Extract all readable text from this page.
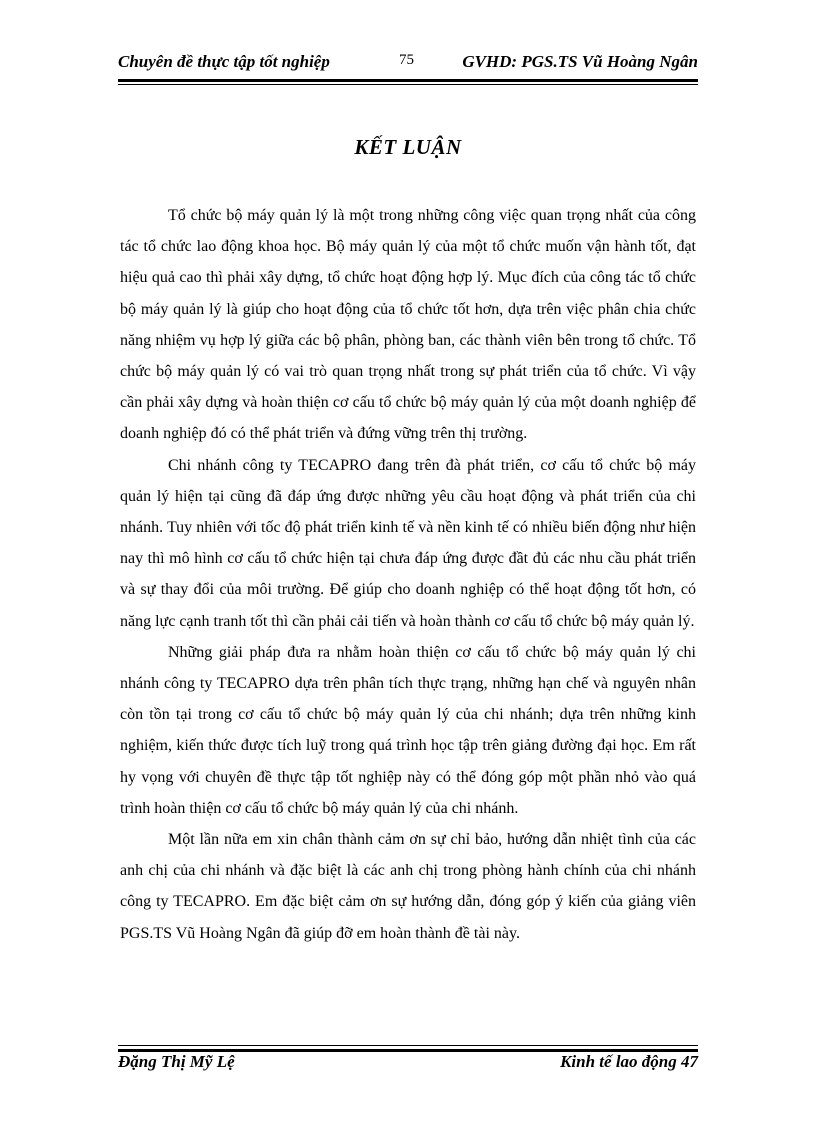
Chuyên đề thực tập tốt nghiệp	75	GVHD: PGS.TS Vũ Hoàng Ngân
KẾT LUẬN

Tổ chức bộ máy quản lý là một trong những công việc quan trọng nhất của công tác tổ chức lao động khoa học. Bộ máy quản lý của một tổ chức muốn vận hành tốt, đạt hiệu quả cao thì phải xây dựng, tổ chức hoạt động hợp lý. Mục đích của công tác tổ chức bộ máy quản lý là giúp cho hoạt động của tổ chức tốt hơn, dựa trên việc phân chia chức năng nhiệm vụ hợp lý giữa các bộ phân, phòng ban, các thành viên bên trong tổ chức. Tổ chức bộ máy quản lý có vai trò quan trọng nhất trong sự phát triển của tổ chức. Vì vậy cần phải xây dựng và hoàn thiện cơ cấu tổ chức bộ máy quản lý của một doanh nghiệp để doanh nghiệp đó có thể phát triển và đứng vững trên thị trường.

Chi nhánh công ty TECAPRO đang trên đà phát triển, cơ cấu tổ chức bộ máy quản lý hiện tại cũng đã đáp ứng được những yêu cầu hoạt động và phát triển của chi nhánh. Tuy nhiên với tốc độ phát triển kinh tế và nền kinh tế có nhiều biến động như hiện nay thì mô hình cơ cấu tổ chức hiện tại chưa đáp ứng được đầt đủ các nhu cầu phát triển và sự thay đổi của môi trường. Để giúp cho doanh nghiệp có thể hoạt động tốt hơn, có năng lực cạnh tranh tốt thì cần phải cải tiến và hoàn thành cơ cấu tổ chức bộ máy quản lý.

Những giải pháp đưa ra nhằm hoàn thiện cơ cấu tổ chức bộ máy quản lý chi nhánh công ty TECAPRO dựa trên phân tích thực trạng, những hạn chế và nguyên nhân còn tồn tại trong cơ cấu tổ chức bộ máy quản lý của chi nhánh; dựa trên những kinh nghiệm, kiến thức được tích luỹ trong quá trình học tập trên giảng đường đại học. Em rất hy vọng với chuyên đề thực tập tốt nghiệp này có thể đóng góp một phần nhỏ vào quá trình hoàn thiện cơ cấu tổ chức bộ máy quản lý của chi nhánh.

Một lần nữa em xin chân thành cảm ơn sự chỉ bảo, hướng dẫn nhiệt tình của các anh chị của chi nhánh và đặc biệt là các anh chị trong phòng hành chính của chi nhánh công ty TECAPRO. Em đặc biệt cảm ơn sự hướng dẫn, đóng góp ý kiến của giảng viên PGS.TS Vũ Hoàng Ngân đã giúp đỡ em hoàn thành đề tài này.

Đặng Thị Mỹ Lệ	Kinh tế lao động 47
